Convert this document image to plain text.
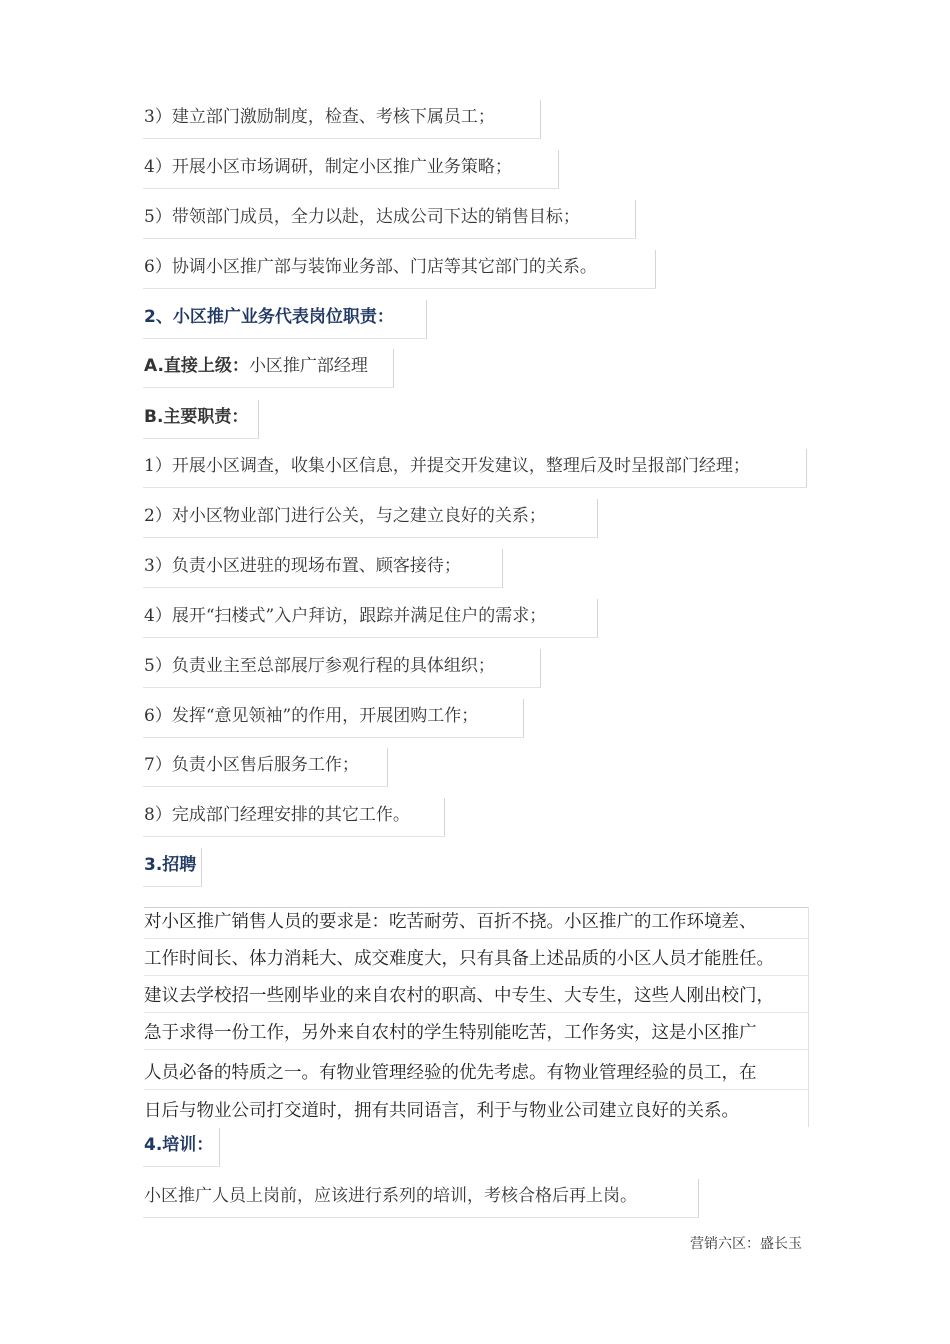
3）建立部门激励制度，检查、考核下属员工；
4）开展小区市场调研，制定小区推广业务策略；
5）带领部门成员，全力以赴，达成公司下达的销售目标；
6）协调小区推广部与装饰业务部、门店等其它部门的关系。
2、小区推广业务代表岗位职责：
A.直接上级：小区推广部经理
B.主要职责：
1）开展小区调查，收集小区信息，并提交开发建议，整理后及时呈报部门经理；
2）对小区物业部门进行公关，与之建立良好的关系；
3）负责小区进驻的现场布置、顾客接待；
4）展开“扫楼式”入户拜访，跟踪并满足住户的需求；
5）负责业主至总部展厅参观行程的具体组织；
6）发挥“意见领袖”的作用，开展团购工作；
7）负责小区售后服务工作；
8）完成部门经理安排的其它工作。
3.招聘
对小区推广销售人员的要求是：吃苦耐劳、百折不挠。小区推广的工作环境差、
工作时间长、体力消耗大、成交难度大，只有具备上述品质的小区人员才能胜任。
建议去学校招一些刚毕业的来自农村的职高、中专生、大专生，这些人刚出校门，
急于求得一份工作，另外来自农村的学生特别能吃苦，工作务实，这是小区推广
人员必备的特质之一。有物业管理经验的优先考虑。有物业管理经验的员工，在
日后与物业公司打交道时，拥有共同语言，利于与物业公司建立良好的关系。
4.培训：
小区推广人员上岗前，应该进行系列的培训，考核合格后再上岗。
营销六区：盛长玉
